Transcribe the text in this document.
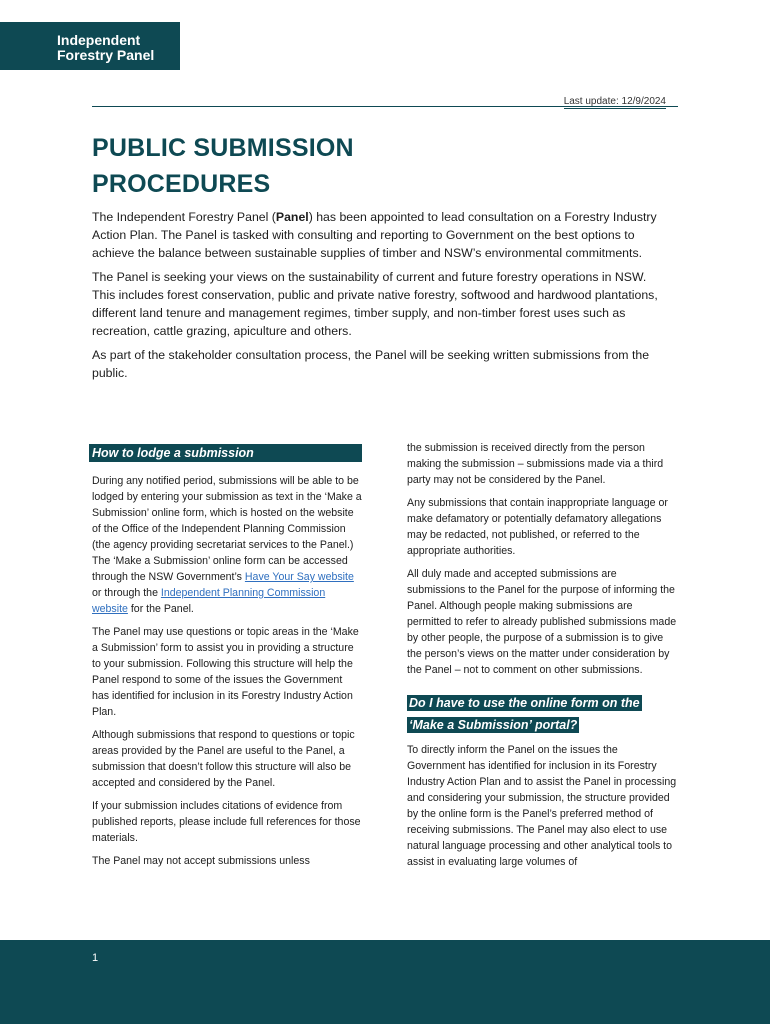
Independent
Forestry Panel
Last update: 12/9/2024
PUBLIC SUBMISSION PROCEDURES

The Independent Forestry Panel (Panel) has been appointed to lead consultation on a Forestry Industry Action Plan. The Panel is tasked with consulting and reporting to Government on the best options to achieve the balance between sustainable supplies of timber and NSW’s environmental commitments.

The Panel is seeking your views on the sustainability of current and future forestry operations in NSW. This includes forest conservation, public and private native forestry, softwood and hardwood plantations, different land tenure and management regimes, timber supply, and non-timber forest uses such as recreation, cattle grazing, apiculture and others.

As part of the stakeholder consultation process, the Panel will be seeking written submissions from the public.

How to lodge a submission

During any notified period, submissions will be able to be lodged by entering your submission as text in the ‘Make a Submission’ online form, which is hosted on the website of the Office of the Independent Planning Commission (the agency providing secretariat services to the Panel.) The ‘Make a Submission’ online form can be accessed through the NSW Government’s Have Your Say website or through the Independent Planning Commission website for the Panel.

The Panel may use questions or topic areas in the ‘Make a Submission’ form to assist you in providing a structure to your submission. Following this structure will help the Panel respond to some of the issues the Government has identified for inclusion in its Forestry Industry Action Plan.

Although submissions that respond to questions or topic areas provided by the Panel are useful to the Panel, a submission that doesn’t follow this structure will also be accepted and considered by the Panel.

If your submission includes citations of evidence from published reports, please include full references for those materials.

The Panel may not accept submissions unless

the submission is received directly from the person making the submission – submissions made via a third party may not be considered by the Panel.

Any submissions that contain inappropriate language or make defamatory or potentially defamatory allegations may be redacted, not published, or referred to the appropriate authorities.

All duly made and accepted submissions are submissions to the Panel for the purpose of informing the Panel. Although people making submissions are permitted to refer to already published submissions made by other people, the purpose of a submission is to give the person’s views on the matter under consideration by the Panel – not to comment on other submissions.

Do I have to use the online form on the ‘Make a Submission’ portal?

To directly inform the Panel on the issues the Government has identified for inclusion in its Forestry Industry Action Plan and to assist the Panel in processing and considering your submission, the structure provided by the online form is the Panel’s preferred method of receiving submissions. The Panel may also elect to use natural language processing and other analytical tools to assist in evaluating large volumes of

1
